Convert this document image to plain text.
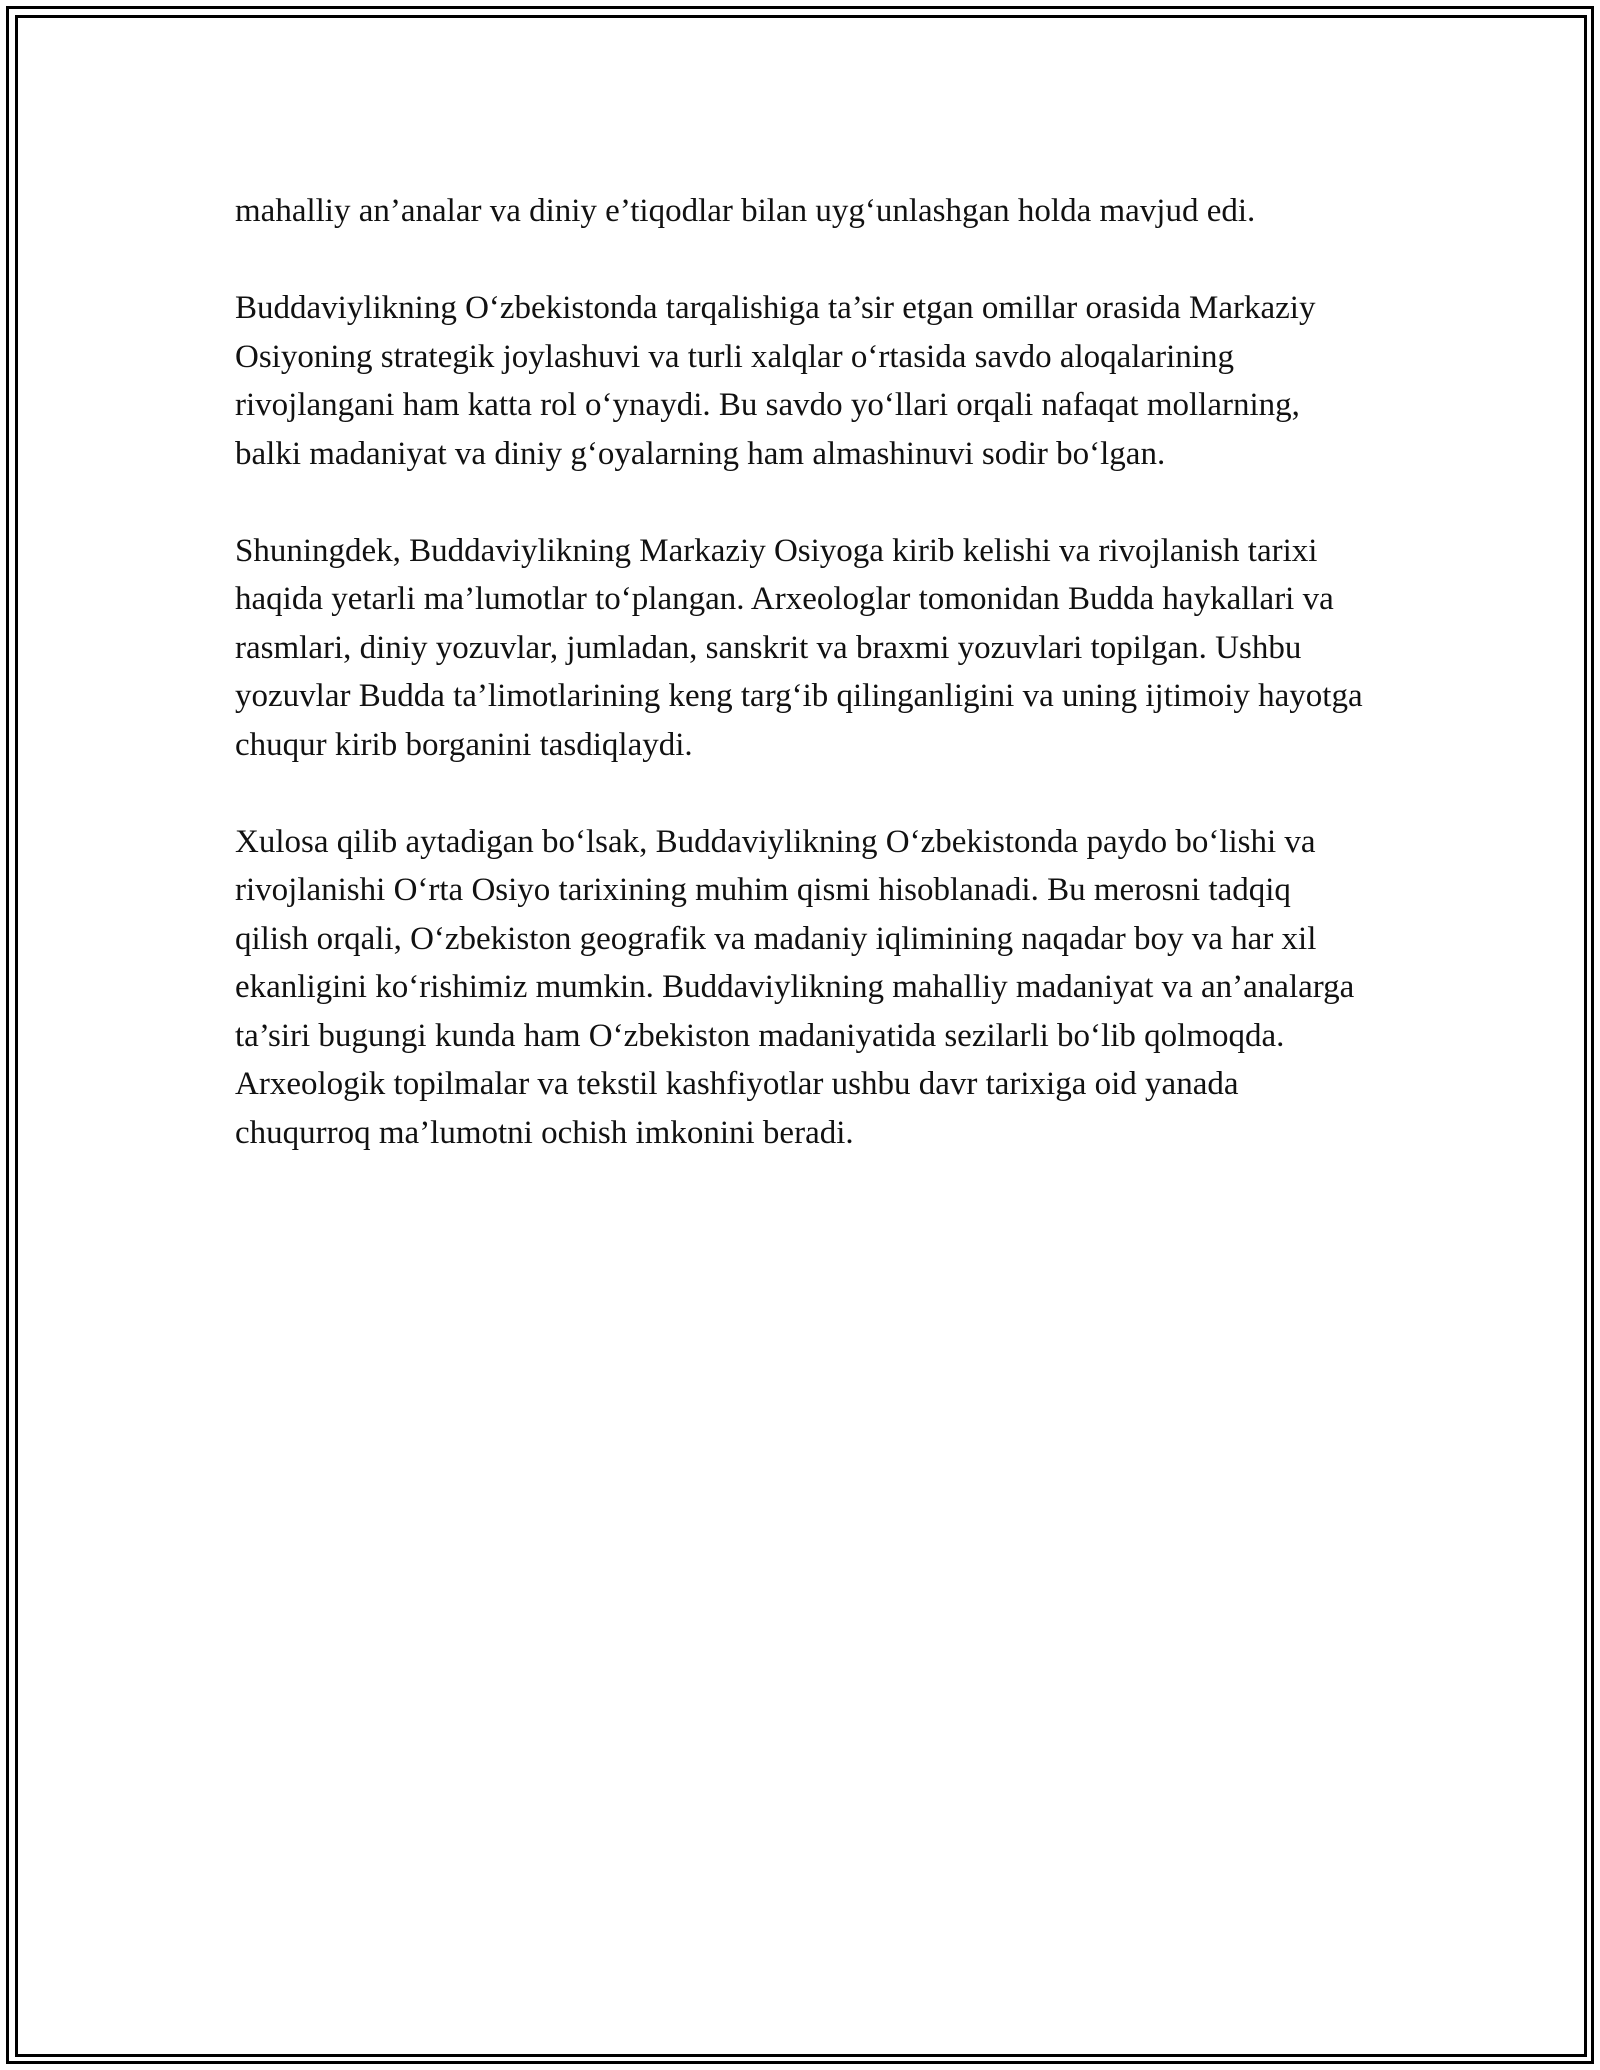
mahalliy an’analar va diniy e’tiqodlar bilan uyg‘unlashgan holda mavjud edi.

Buddaviylikning O‘zbekistonda tarqalishiga ta’sir etgan omillar orasida Markaziy Osiyoning strategik joylashuvi va turli xalqlar o‘rtasida savdo aloqalarining rivojlangani ham katta rol o‘ynaydi. Bu savdo yo‘llari orqali nafaqat mollarning, balki madaniyat va diniy g‘oyalarning ham almashinuvi sodir bo‘lgan.

Shuningdek, Buddaviylikning Markaziy Osiyoga kirib kelishi va rivojlanish tarixi haqida yetarli ma’lumotlar to‘plangan. Arxeologlar tomonidan Budda haykallari va rasmlari, diniy yozuvlar, jumladan, sanskrit va braxmi yozuvlari topilgan. Ushbu yozuvlar Budda ta’limotlarining keng targ‘ib qilinganligini va uning ijtimoiy hayotga chuqur kirib borganini tasdiqlaydi.

Xulosa qilib aytadigan bo‘lsak, Buddaviylikning O‘zbekistonda paydo bo‘lishi va rivojlanishi O‘rta Osiyo tarixining muhim qismi hisoblanadi. Bu merosni tadqiq qilish orqali, O‘zbekiston geografik va madaniy iqlimining naqadar boy va har xil ekanligini ko‘rishimiz mumkin. Buddaviylikning mahalliy madaniyat va an’analarga ta’siri bugungi kunda ham O‘zbekiston madaniyatida sezilarli bo‘lib qolmoqda. Arxeologik topilmalar va tekstil kashfiyotlar ushbu davr tarixiga oid yanada chuqurroq ma’lumotni ochish imkonini beradi.
